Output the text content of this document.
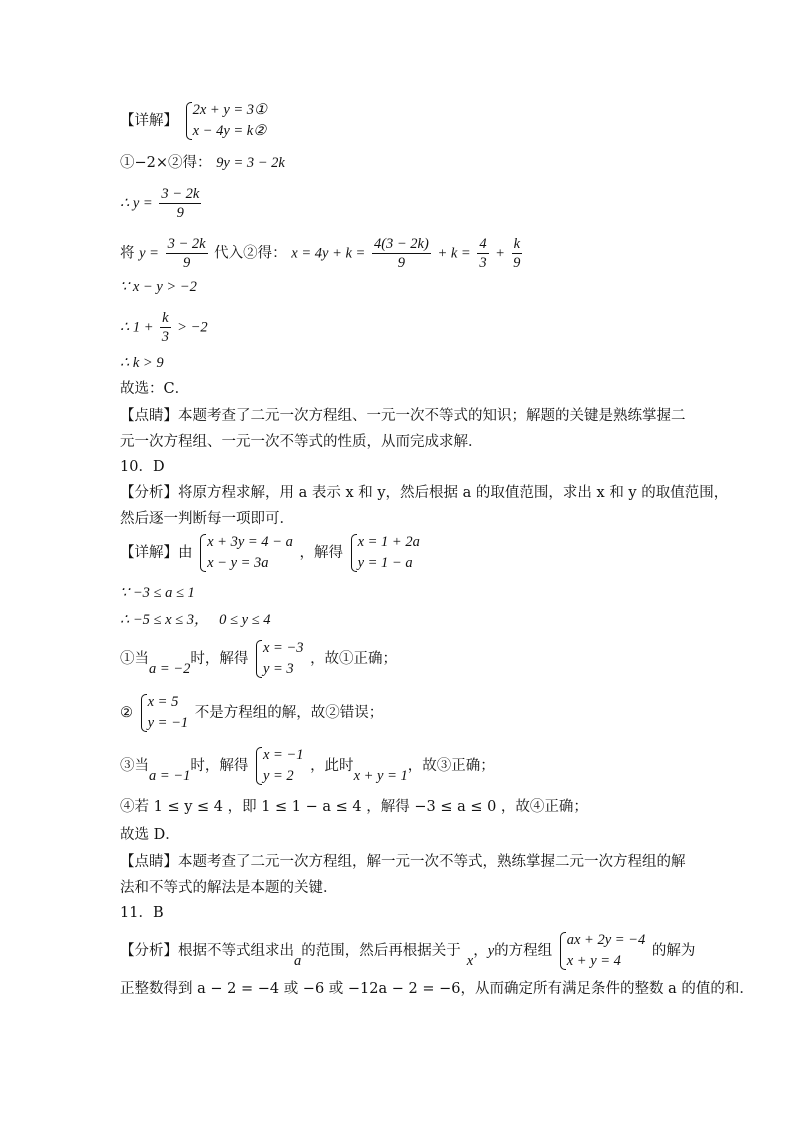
【详解】
2x + y = 3①
x − 4y = k②
①−2×②得： 9y = 3 − 2k
∴ $y = \frac{3 - 2k}{9}$
将 $y = \frac{3 - 2k}{9}$ 代入②得： $x = 4y + k = \frac{4(3 - 2k)}{9} + k = \frac{4}{3} + \frac{k}{9}$
∵ x − y > −2
∴ $1 + \frac{k}{3} > -2$
∴ k > 9
故选：C．
【点睛】本题考查了二元一次方程组、一元一次不等式的知识；解题的关键是熟练掌握二
元一次方程组、一元一次不等式的性质，从而完成求解．
10．D
【分析】将原方程求解，用 a 表示 x 和 y，然后根据 a 的取值范围，求出 x 和 y 的取值范围，
然后逐一判断每一项即可．
【详解】由
x + 3y = 4 − a
x − y = 3a
，解得
x = 1 + 2a
y = 1 − a
∵ −3 ≤ a ≤ 1
∴ −5 ≤ x ≤ 3， 0 ≤ y ≤ 4
①当a = −2时，解得
x = −3
y = 3
，故①正确；
②
x = 5
y = −1
不是方程组的解，故②错误；
③当a = −1时，解得
x = −1
y = 2
，此时x + y = 1，故③正确；
④若 1 ≤ y ≤ 4 ，即 1 ≤ 1 − a ≤ 4 ，解得 −3 ≤ a ≤ 0 ，故④正确；
故选 D．
【点睛】本题考查了二元一次方程组，解一元一次不等式，熟练掌握二元一次方程组的解
法和不等式的解法是本题的关键．
11．B
【分析】根据不等式组求出a的范围，然后再根据关于x，y的方程组
ax + 2y = −4
x + y = 4
的解为
正整数得到 a − 2 = −4 或 −6 或 −12a − 2 = −6，从而确定所有满足条件的整数 a 的值的和．
